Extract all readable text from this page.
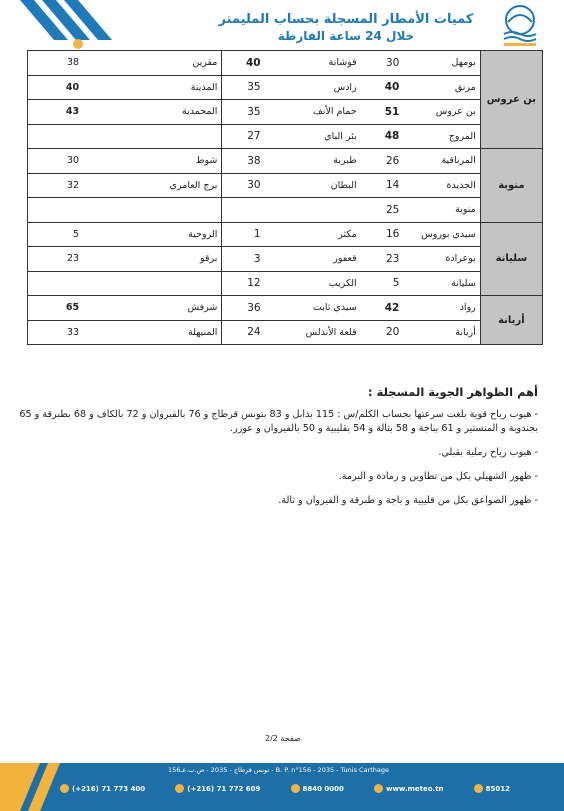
كميات الأمطار المسجلة بحساب المليمتر
خلال 24 ساعة الفارطة
بن عروس	بومهل	30	فوشانة	40	مقرين	38
	مرنق	40	رادس	35	المدينة	40
	بن عروس	51	حمام الأنف	35	المحمدية	43
	المروج	48	بئر الباي	27		
منوبة	المرناقية	26	طبربة	38	شوط	30
	الجديدة	14	البطان	30	برج العامري	32
	منوبة	25				
سليانة	سيدي بوروس	16	مكثر	1	الروحية	5
	بوعرادة	23	قعفور	3	برقو	23
	سليانة	5	الكريب	12		
أريانة	رواد	42	سيدي ثابت	36	شرفش	65
	أريانة	20	قلعة الأندلس	24	المنيهلة	33
أهم الظواهر الجوية المسجلة :

- هبوب رياح قوية بلغت سرعتها بحساب الكلم/س : 115 بذابل و 83 بتونس قرطاج و 76 بالقيروان و 72 بالكاف و 68 بطبرقة و 65 بجندوبة و المنستير و 61 بباجة و 58 بثالة و 54 بقليبية و 50 بالقيروان و عوزر.

- هبوب رياح رملية بقبلي.

- ظهور الشهيلي بكل من تطاوين و رمادة و البرمة.

- ظهور الصواعق بكل من قليبية و باجة و طبرقة و القيروان و ثالة.

صفحة 2/2
B. P. n°156 - 2035 - Tunis Carthage - تونس قرطاج - 2035 - ص.ب.عـ156
(+216) 71 773 400	(+216) 71 772 609	8840 0000	www.meteo.tn	85012
